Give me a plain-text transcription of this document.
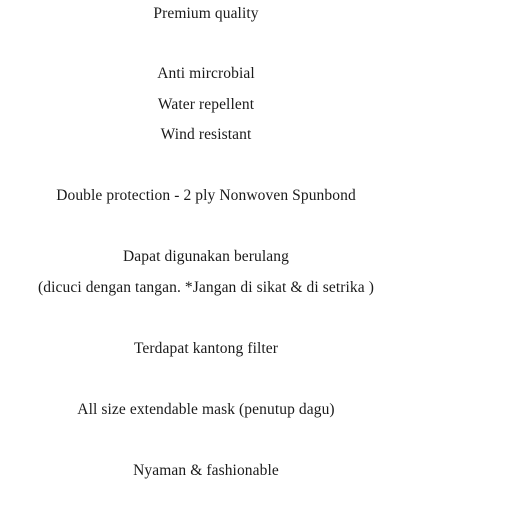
Premium quality
Anti mircrobial
Water repellent
Wind resistant
Double protection - 2 ply Nonwoven Spunbond
Dapat digunakan berulang
(dicuci dengan tangan. *Jangan di sikat & di setrika )
Terdapat kantong filter
All size extendable mask (penutup dagu)
Nyaman & fashionable
